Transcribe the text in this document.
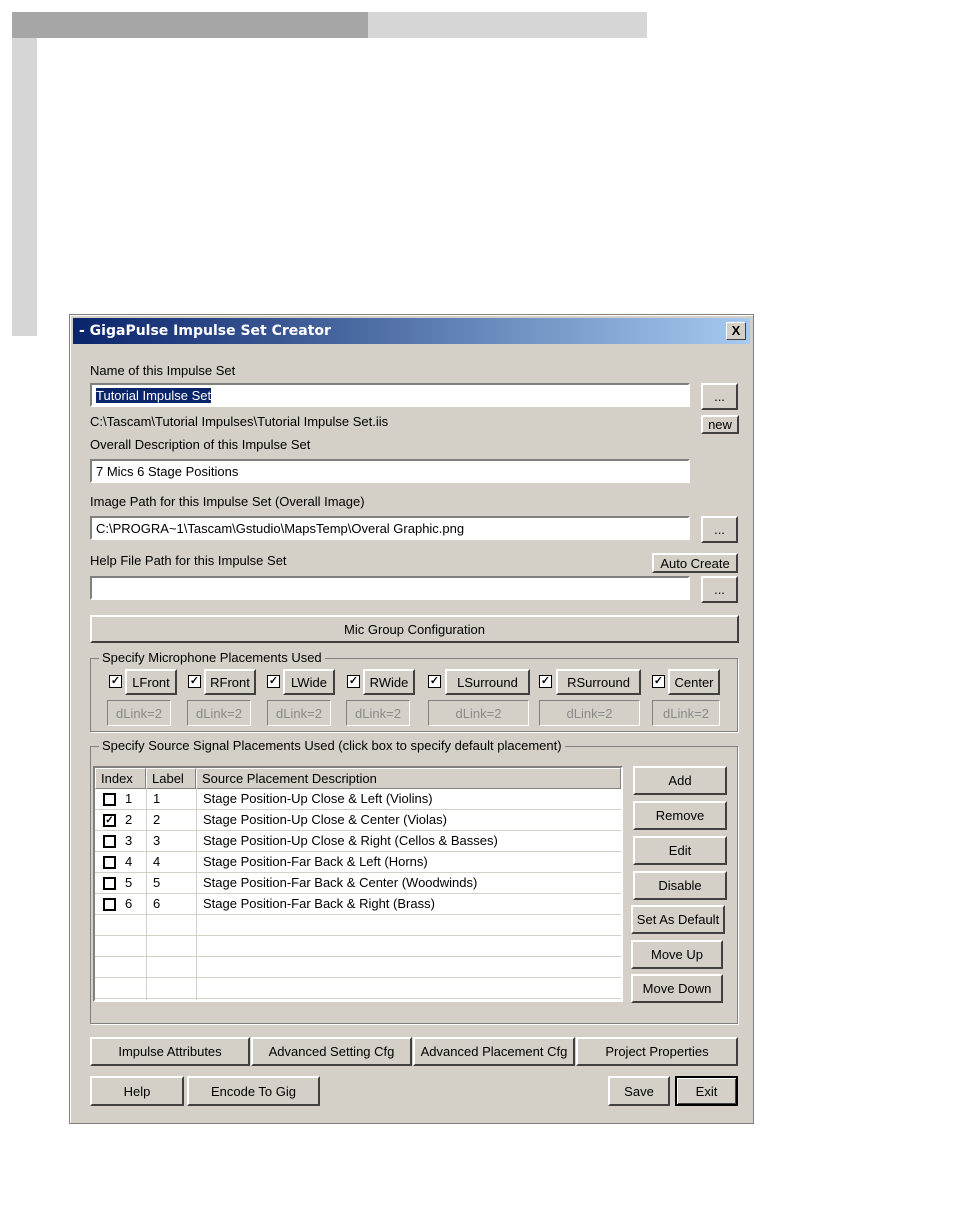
- GigaPulse Impulse Set Creator	X
Name of this Impulse Set
Tutorial Impulse Set	...
C:\Tascam\Tutorial Impulses\Tutorial Impulse Set.iis	new
Overall Description of this Impulse Set
7 Mics 6 Stage Positions
Image Path for this Impulse Set (Overall Image)
C:\PROGRA~1\Tascam\Gstudio\MapsTemp\Overal Graphic.png	...
Help File Path for this Impulse Set	Auto Create
...
Mic Group Configuration
Specify Microphone Placements Used
✓ LFront
dLink=2
✓ RFront
dLink=2
✓ LWide
dLink=2
✓ RWide
dLink=2
✓	LSurround
dLink=2
✓	RSurround
dLink=2
✓ Center
dLink=2
Specify Source Signal Placements Used (click box to specify default placement)
Index	Label	Source Placement Description
1 1	Stage Position-Up Close & Left (Violins)
✓ 2 2	Stage Position-Up Close & Center (Violas)
3 3	Stage Position-Up Close & Right (Cellos & Basses)
4 4	Stage Position-Far Back & Left (Horns)
5 5	Stage Position-Far Back & Center (Woodwinds)
6 6	Stage Position-Far Back & Right (Brass)
Add
Remove
Edit
Disable
Set As Default
Move Up
Move Down
Impulse Attributes	Advanced Setting Cfg	Advanced Placement Cfg	Project Properties
Help	Encode To Gig	Save	Exit
